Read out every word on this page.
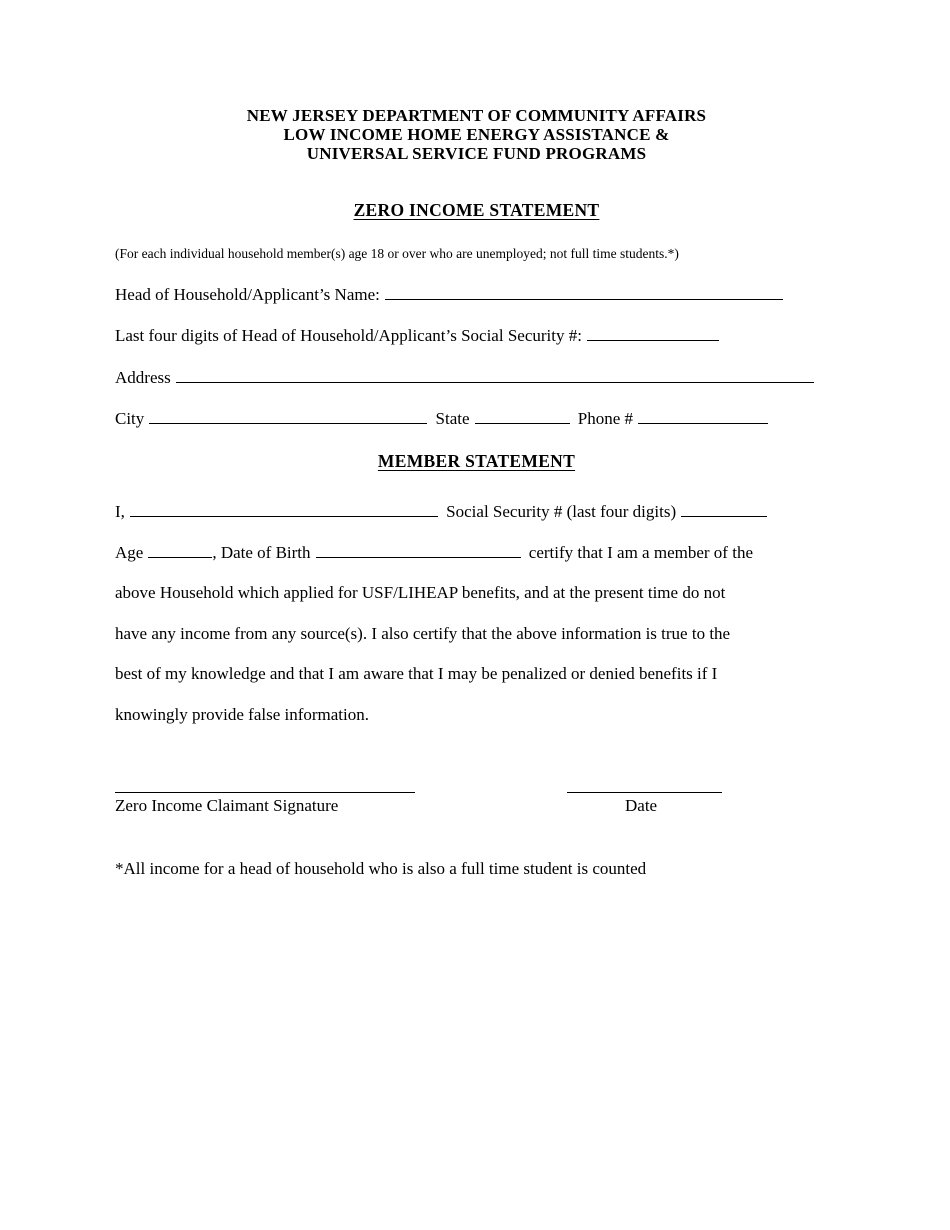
NEW JERSEY DEPARTMENT OF COMMUNITY AFFAIRS
LOW INCOME HOME ENERGY ASSISTANCE &
UNIVERSAL SERVICE FUND PROGRAMS
ZERO INCOME STATEMENT
(For each individual household member(s) age 18 or over who are unemployed; not full time students.*)
Head of Household/Applicant’s Name:
Last four digits of Head of Household/Applicant’s Social Security #:
Address
City	State	Phone #
MEMBER STATEMENT
I,	Social Security # (last four digits)
Age	, Date of Birth	certify that I am a member of the
above Household which applied for USF/LIHEAP benefits, and at the present time do not
have any income from any source(s). I also certify that the above information is true to the
best of my knowledge and that I am aware that I may be penalized or denied benefits if I
knowingly provide false information.
Zero Income Claimant Signature	Date
*All income for a head of household who is also a full time student is counted
